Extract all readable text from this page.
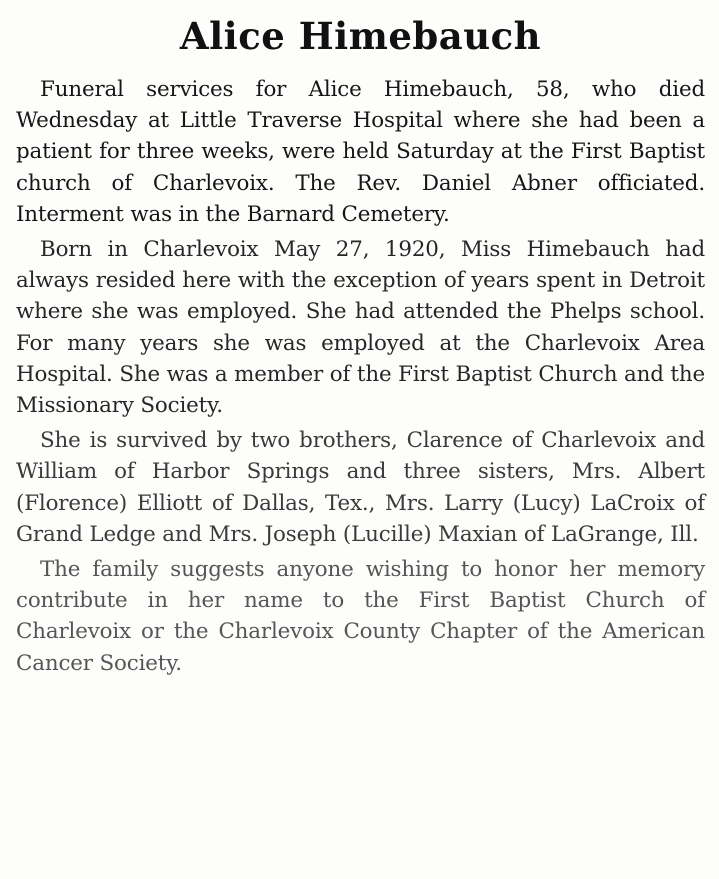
Alice Himebauch

Funeral services for Alice Himebauch, 58, who died Wednesday at Little Traverse Hospital where she had been a patient for three weeks, were held Saturday at the First Baptist church of Charlevoix. The Rev. Daniel Abner officiated. Interment was in the Barnard Cemetery.

Born in Charlevoix May 27, 1920, Miss Himebauch had always resided here with the exception of years spent in Detroit where she was employed. She had attended the Phelps school. For many years she was employed at the Charlevoix Area Hospital. She was a member of the First Baptist Church and the Missionary Society.

She is survived by two brothers, Clarence of Charlevoix and William of Harbor Springs and three sisters, Mrs. Albert (Florence) Elliott of Dallas, Tex., Mrs. Larry (Lucy) LaCroix of Grand Ledge and Mrs. Joseph (Lucille) Maxian of LaGrange, Ill.

The family suggests anyone wishing to honor her memory contribute in her name to the First Baptist Church of Charlevoix or the Charlevoix County Chapter of the American Cancer Society.
